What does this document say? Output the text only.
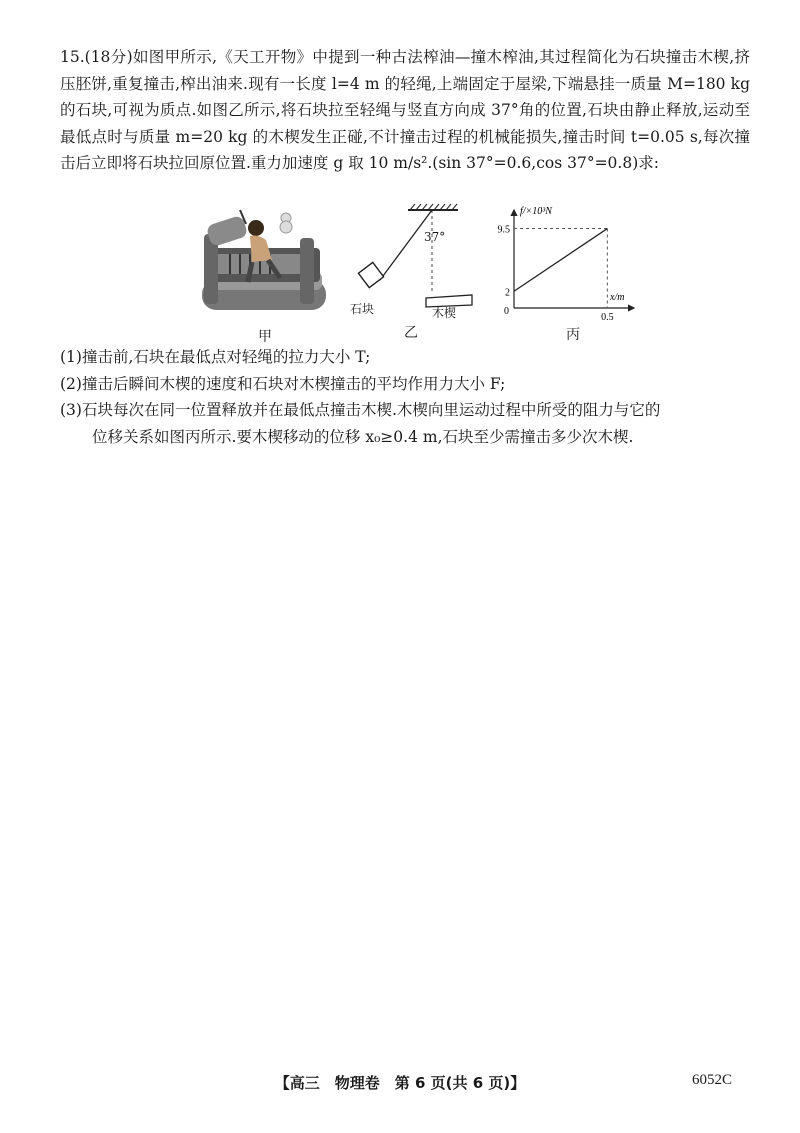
15.(18分)如图甲所示,《天工开物》中提到一种古法榨油—撞木榨油,其过程简化为石块撞击木楔,挤压胚饼,重复撞击,榨出油来.现有一长度 l=4 m 的轻绳,上端固定于屋梁,下端悬挂一质量 M=180 kg 的石块,可视为质点.如图乙所示,将石块拉至轻绳与竖直方向成 37°角的位置,石块由静止释放,运动至最低点时与质量 m=20 kg 的木楔发生正碰,不计撞击过程的机械能损失,撞击时间 t=0.05 s,每次撞击后立即将石块拉回原位置.重力加速度 g 取 10 m/s².(sin 37°=0.6,cos 37°=0.8)求:

甲
37°
石块	木楔
乙
f/×10³N
x/m
0
0.5
2
9.5
丙

(1)撞击前,石块在最低点对轻绳的拉力大小 T;

(2)撞击后瞬间木楔的速度和石块对木楔撞击的平均作用力大小 F;

(3)石块每次在同一位置释放并在最低点撞击木楔.木楔向里运动过程中所受的阻力与它的

位移关系如图丙所示.要木楔移动的位移 x₀≥0.4 m,石块至少需撞击多少次木楔.

【高三　物理卷　第 6 页(共 6 页)】	6052C
